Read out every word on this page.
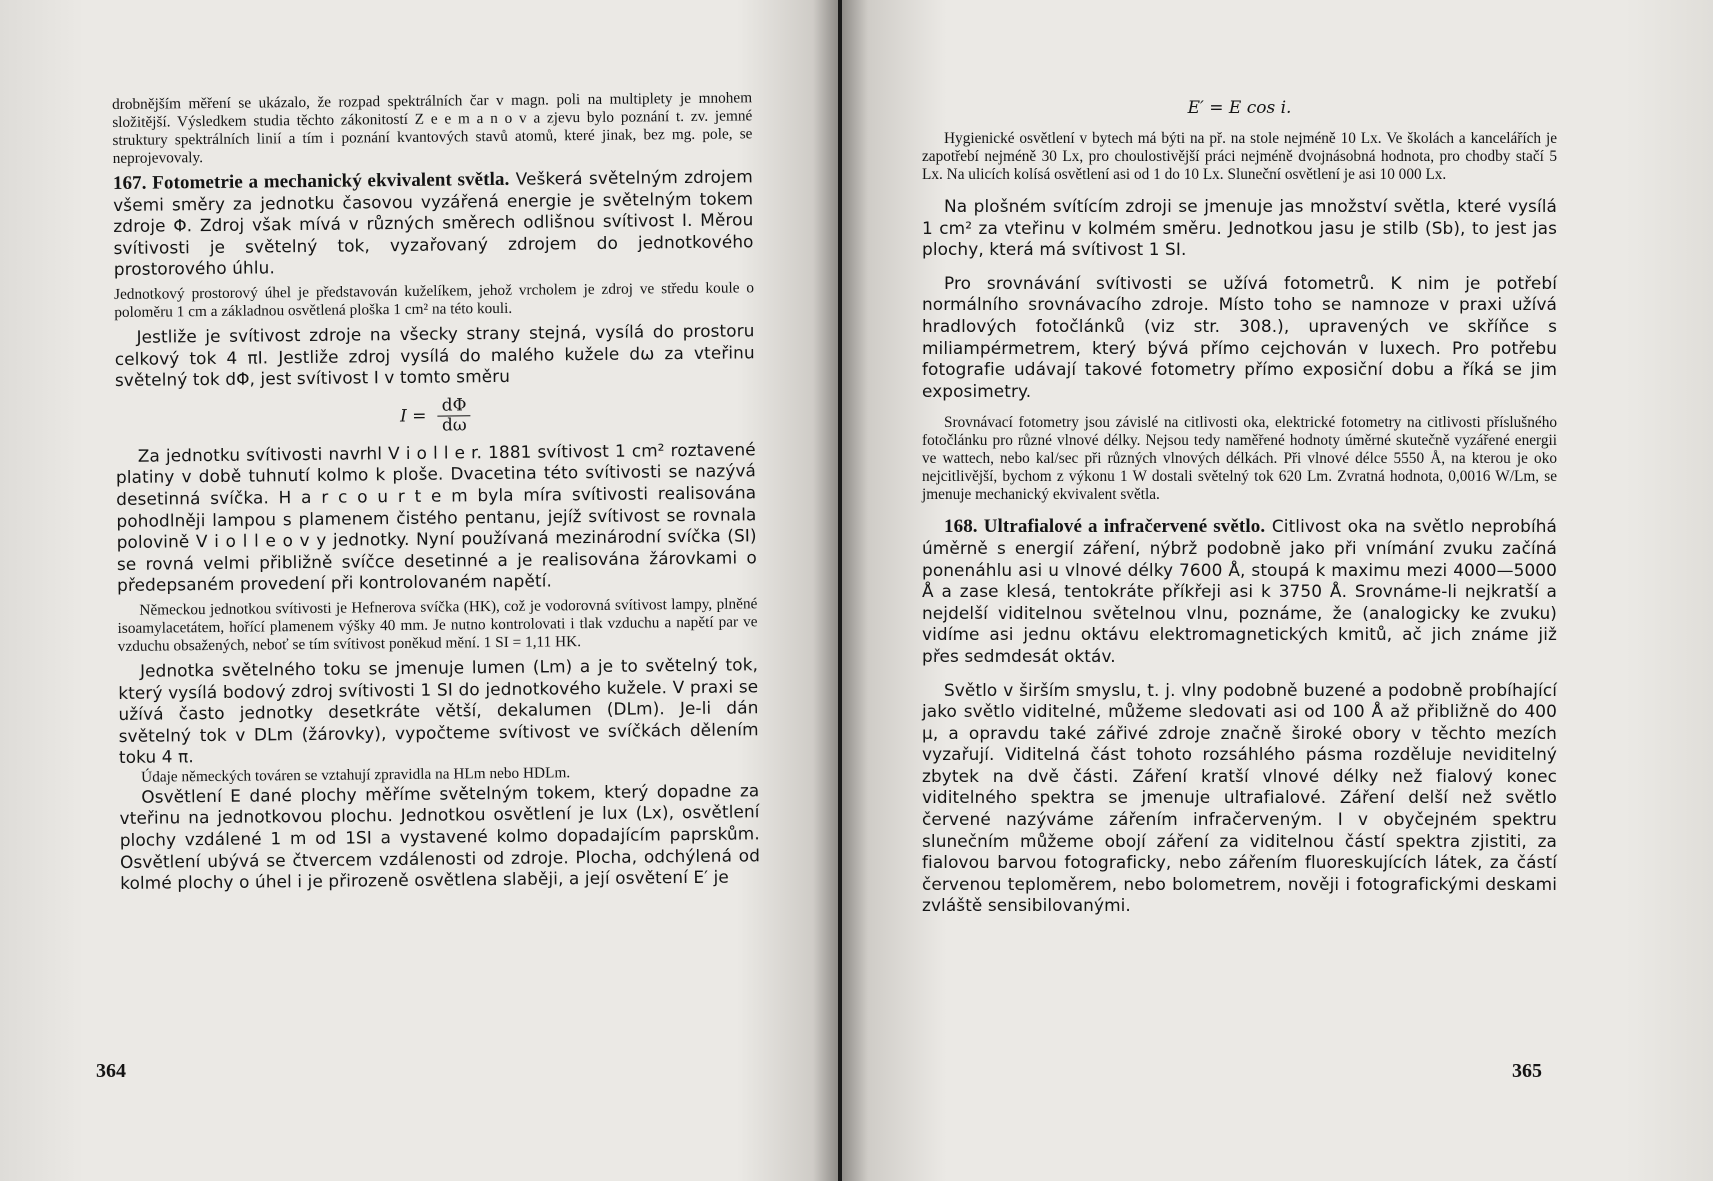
drobnějším měření se ukázalo, že rozpad spektrálních čar v magn. poli na multiplety je mnohem složitější. Výsledkem studia těchto zákonitostí Z e e m a n o v a zjevu bylo poznání t. zv. jemné struktury spektrálních linií a tím i poznání kvantových stavů atomů, které jinak, bez mg. pole, se neprojevovaly.

167. Fotometrie a mechanický ekvivalent světla. Veškerá světelným zdrojem všemi směry za jednotku časovou vyzářená energie je světelným tokem zdroje Φ. Zdroj však mívá v různých směrech odlišnou svítivost I. Měrou svítivosti je světelný tok, vyzařovaný zdrojem do jednotkového prostorového úhlu.

Jednotkový prostorový úhel je představován kuželíkem, jehož vrcholem je zdroj ve středu koule o poloměru 1 cm a základnou osvětlená ploška 1 cm² na této kouli.

Jestliže je svítivost zdroje na všecky strany stejná, vysílá do prostoru celkový tok 4 πI. Jestliže zdroj vysílá do malého kužele dω za vteřinu světelný tok dΦ, jest svítivost I v tomto směru

$I = \frac{d\Phi}{d\omega}$

Za jednotku svítivosti navrhl V i o l l e r. 1881 svítivost 1 cm² roztavené platiny v době tuhnutí kolmo k ploše. Dvacetina této svítivosti se nazývá desetinná svíčka. H a r c o u r t e m byla míra svítivosti realisována pohodlněji lampou s plamenem čistého pentanu, jejíž svítivost se rovnala polovině V i o l l e o v y jednotky. Nyní používaná mezinárodní svíčka (SI) se rovná velmi přibližně svíčce desetinné a je realisována žárovkami o předepsaném provedení při kontrolovaném napětí.

Německou jednotkou svítivosti je Hefnerova svíčka (HK), což je vodorovná svítivost lampy, plněné isoamylacetátem, hořící plamenem výšky 40 mm. Je nutno kontrolovati i tlak vzduchu a napětí par ve vzduchu obsažených, neboť se tím svítivost poněkud mění. 1 SI = 1,11 HK.

Jednotka světelného toku se jmenuje lumen (Lm) a je to světelný tok, který vysílá bodový zdroj svítivosti 1 SI do jednotkového kužele. V praxi se užívá často jednotky desetkráte větší, dekalumen (DLm). Je-li dán světelný tok v DLm (žárovky), vypočteme svítivost ve svíčkách dělením toku 4 π.

Údaje německých továren se vztahují zpravidla na HLm nebo HDLm.

Osvětlení E dané plochy měříme světelným tokem, který dopadne za vteřinu na jednotkovou plochu. Jednotkou osvětlení je lux (Lx), osvětlení plochy vzdálené 1 m od 1SI a vystavené kolmo dopadajícím paprskům. Osvětlení ubývá se čtvercem vzdálenosti od zdroje. Plocha, odchýlená od kolmé plochy o úhel i je přirozeně osvětlena slaběji, a její osvětení E′ je

364
E′ = E cos i.

Hygienické osvětlení v bytech má býti na př. na stole nejméně 10 Lx. Ve školách a kancelářích je zapotřebí nejméně 30 Lx, pro choulostivější práci nejméně dvojnásobná hodnota, pro chodby stačí 5 Lx. Na ulicích kolísá osvětlení asi od 1 do 10 Lx. Sluneční osvětlení je asi 10 000 Lx.

Na plošném svítícím zdroji se jmenuje jas množství světla, které vysílá 1 cm² za vteřinu v kolmém směru. Jednotkou jasu je stilb (Sb), to jest jas plochy, která má svítivost 1 SI.

Pro srovnávání svítivosti se užívá fotometrů. K nim je potřebí normálního srovnávacího zdroje. Místo toho se namnoze v praxi užívá hradlových fotočlánků (viz str. 308.), upravených ve skříňce s miliampérmetrem, který bývá přímo cejchován v luxech. Pro potřebu fotografie udávají takové fotometry přímo exposiční dobu a říká se jim exposimetry.

Srovnávací fotometry jsou závislé na citlivosti oka, elektrické fotometry na citlivosti příslušného fotočlánku pro různé vlnové délky. Nejsou tedy naměřené hodnoty úměrné skutečně vyzářené energii ve wattech, nebo kal/sec při různých vlnových délkách. Při vlnové délce 5550 Å, na kterou je oko nejcitlivější, bychom z výkonu 1 W dostali světelný tok 620 Lm. Zvratná hodnota, 0,0016 W/Lm, se jmenuje mechanický ekvivalent světla.

168. Ultrafialové a infračervené světlo. Citlivost oka na světlo neprobíhá úměrně s energií záření, nýbrž podobně jako při vnímání zvuku začíná ponenáhlu asi u vlnové délky 7600 Å, stoupá k maximu mezi 4000—5000 Å a zase klesá, tentokráte příkřeji asi k 3750 Å. Srovnáme-li nejkratší a nejdelší viditelnou světelnou vlnu, poznáme, že (analogicky ke zvuku) vidíme asi jednu oktávu elektromagnetických kmitů, ač jich známe již přes sedmdesát oktáv.

Světlo v širším smyslu, t. j. vlny podobně buzené a podobně probíhající jako světlo viditelné, můžeme sledovati asi od 100 Å až přibližně do 400 μ, a opravdu také zářivé zdroje značně široké obory v těchto mezích vyzařují. Viditelná část tohoto rozsáhlého pásma rozděluje neviditelný zbytek na dvě části. Záření kratší vlnové délky než fialový konec viditelného spektra se jmenuje ultrafialové. Záření delší než světlo červené nazýváme zářením infračerveným. I v obyčejném spektru slunečním můžeme obojí záření za viditelnou částí spektra zjistiti, za fialovou barvou fotograficky, nebo zářením fluoreskujících látek, za částí červenou teploměrem, nebo bolometrem, nověji i fotografickými deskami zvláště sensibilovanými.

365
